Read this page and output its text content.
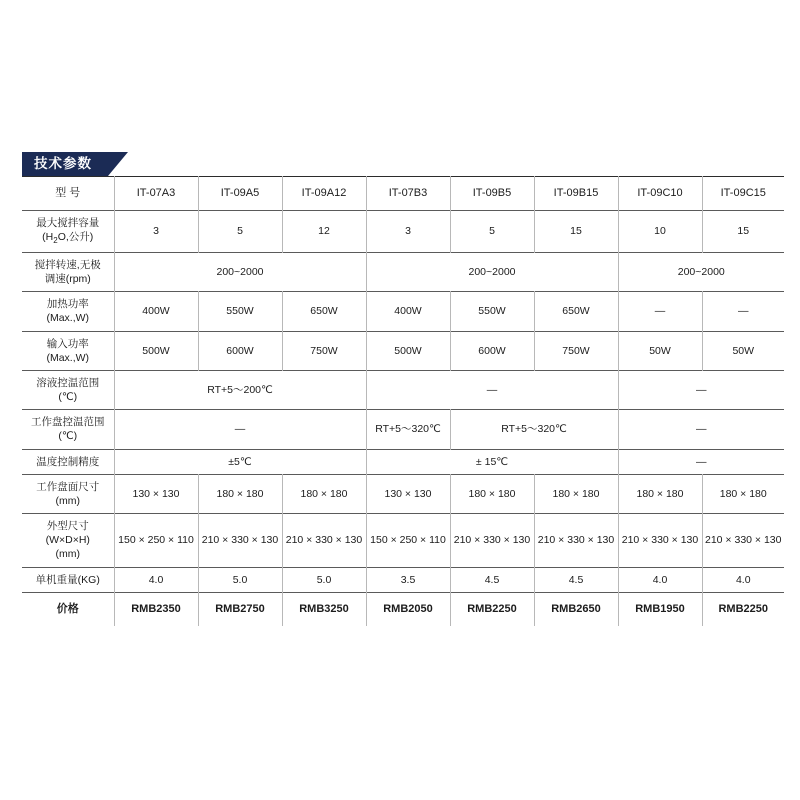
技术参数
型 号	IT-07A3	IT-09A5	IT-09A12	IT-07B3	IT-09B5	IT-09B15	IT-09C10	IT-09C15

最大搅拌容量
($H_2O$,公升)	3	5	12	3	5	15	10	15

搅拌转速,无极
调速(rpm)	200~2000			200~2000			200~2000	

加热功率
(Max.,W)	400W	550W	650W	400W	550W	650W	—	—

输入功率
(Max.,W)	500W	600W	750W	500W	600W	750W	50W	50W

溶液控温范围
(℃)	RT+5～200℃			—			—	

工作盘控温范围
(℃)	—			RT+5～320℃	RT+5～320℃		—	
温度控制精度	±5℃			± 15℃			—	

工作盘面尺寸
(mm)	130 × 130	180 × 180	180 × 180	130 × 130	180 × 180	180 × 180	180 × 180	180 × 180

外型尺寸
(W×D×H)
(mm)	150 × 250 × 110	210 × 330 × 130	210 × 330 × 130	150 × 250 × 110	210 × 330 × 130	210 × 330 × 130	210 × 330 × 130	210 × 330 × 130
单机重量(KG)	4.0	5.0	5.0	3.5	4.5	4.5	4.0	4.0
价格	RMB2350	RMB2750	RMB3250	RMB2050	RMB2250	RMB2650	RMB1950	RMB2250
